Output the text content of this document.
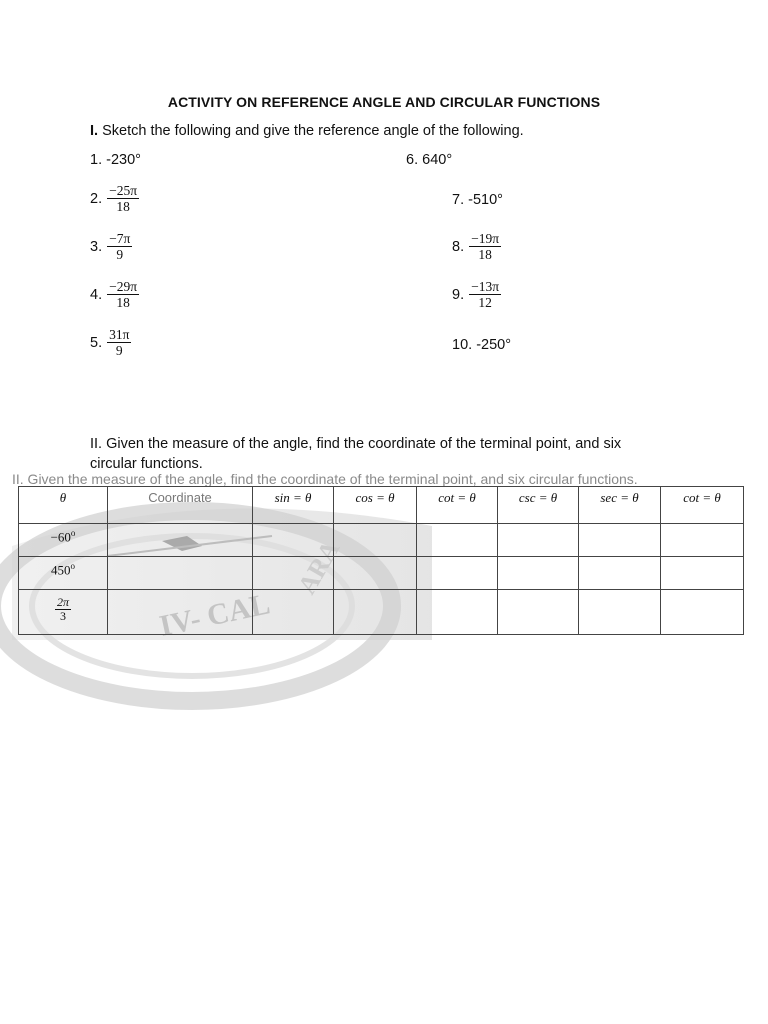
ACTIVITY ON REFERENCE ANGLE AND CIRCULAR FUNCTIONS
I. Sketch the following and give the reference angle of the following.
1.
-230°	6.
640°
2. $\frac{-25\pi}{18}$	7.
-510°
3. $\frac{-7\pi}{9}$	8. $\frac{-19\pi}{18}$
4. $\frac{-29\pi}{18}$	9. $\frac{-13\pi}{12}$
5. $\frac{31\pi}{9}$	10.
-250°
II. Given the measure of the angle, find the coordinate of the terminal point, and six circular functions.
II. Given the measure of the angle, find the coordinate of the terminal point, and six circular functions.
IV- CAL
ARA
θ	Coordinate	sin = θ	cos = θ	cot = θ	csc = θ	sec = θ	cot = θ
$-60^o$							
450$^o$							

$\frac{2\pi}{3}$
